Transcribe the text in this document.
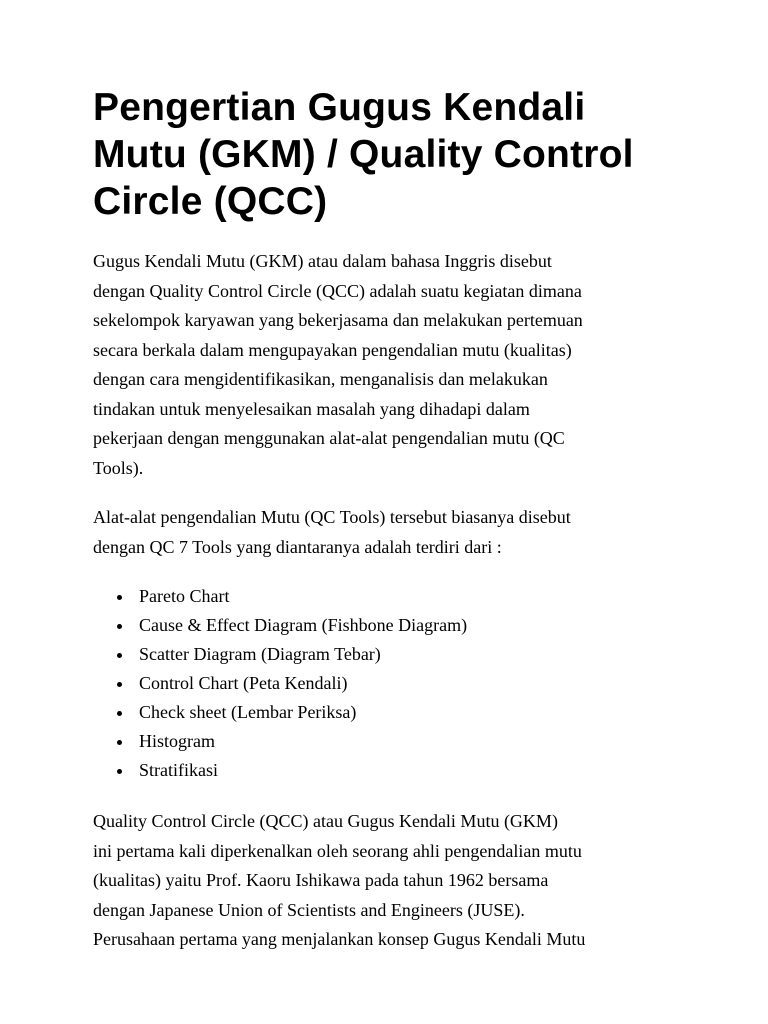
Pengertian Gugus Kendali
Mutu (GKM) / Quality Control
Circle (QCC)

Gugus Kendali Mutu (GKM) atau dalam bahasa Inggris disebut
dengan Quality Control Circle (QCC) adalah suatu kegiatan dimana
sekelompok karyawan yang bekerjasama dan melakukan pertemuan
secara berkala dalam mengupayakan pengendalian mutu (kualitas)
dengan cara mengidentifikasikan, menganalisis dan melakukan
tindakan untuk menyelesaikan masalah yang dihadapi dalam
pekerjaan dengan menggunakan alat-alat pengendalian mutu (QC
Tools).

Alat-alat pengendalian Mutu (QC Tools) tersebut biasanya disebut
dengan QC 7 Tools yang diantaranya adalah terdiri dari :

Pareto Chart
Cause & Effect Diagram (Fishbone Diagram)
Scatter Diagram (Diagram Tebar)
Control Chart (Peta Kendali)
Check sheet (Lembar Periksa)
Histogram
Stratifikasi

Quality Control Circle (QCC) atau Gugus Kendali Mutu (GKM)
ini pertama kali diperkenalkan oleh seorang ahli pengendalian mutu
(kualitas) yaitu Prof. Kaoru Ishikawa pada tahun 1962 bersama
dengan Japanese Union of Scientists and Engineers (JUSE).
Perusahaan pertama yang menjalankan konsep Gugus Kendali Mutu
